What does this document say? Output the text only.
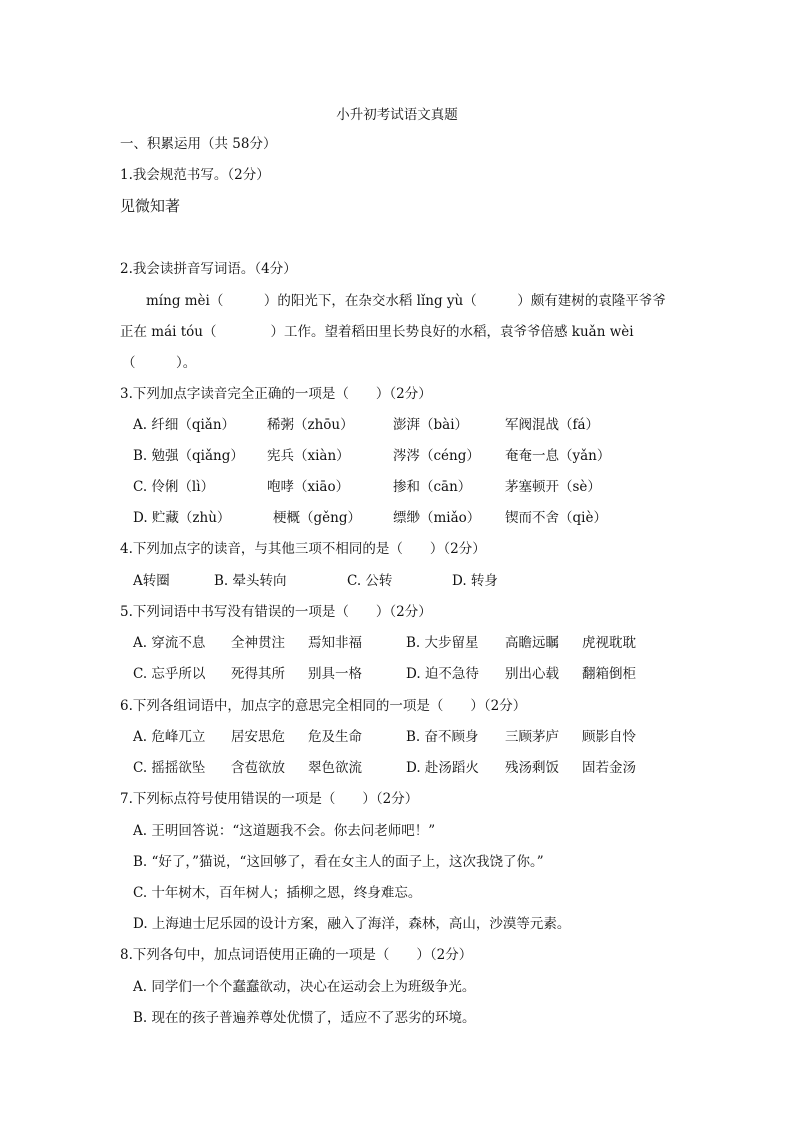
小升初考试语文真题
一、积累运用（共 58分）
1.我会规范书写。（2分）
见微知著
2.我会读拼音写词语。（4分）
míng mèi（　　　）的阳光下，在杂交水稻 lǐng yù（　　　）颇有建树的袁隆平爷爷
正在 mái tóu（　　　　）工作。望着稻田里长势良好的水稻，袁爷爷倍感 kuǎn wèi
（　　　）。
3.下列加点字读音完全正确的一项是（　　）（2分）
A. 纤细（qiǎn） 稀粥（zhōu）	澎湃（bài）	军阀混战（fá）
B. 勉强（qiǎng） 宪兵（xiàn）	涔涔（céng） 奄奄一息（yǎn）
C. 伶俐（lì）	咆哮（xiāo）	掺和（cān） 茅塞顿开（sè）
D. 贮藏（zhù）	梗概（gěng） 缥缈（miǎo） 锲而不舍（qiè）
4.下列加点字的读音，与其他三项不相同的是（　　）（2分）
A转圈	B. 晕头转向	C. 公转	D. 转身
5.下列词语中书写没有错误的一项是（　　）（2分）
A. 穿流不息 全神贯注 焉知非福	B. 大步留星 高瞻远瞩 虎视耽耽
C. 忘乎所以 死得其所 别具一格	D. 迫不急待 别出心载 翻箱倒柜
6.下列各组词语中，加点字的意思完全相同的一项是（　　）（2分）
A. 危峰兀立 居安思危 危及生命	B. 奋不顾身 三顾茅庐 顾影自怜
C. 摇摇欲坠 含苞欲放 翠色欲流	D. 赴汤蹈火 残汤剩饭 固若金汤
7.下列标点符号使用错误的一项是（　　）（2分）
A. 王明回答说：“这道题我不会。你去问老师吧！”
B. “好了，”猫说，“这回够了，看在女主人的面子上，这次我饶了你。”
C. 十年树木，百年树人；插柳之恩，终身难忘。
D. 上海迪士尼乐园的设计方案，融入了海洋，森林，高山，沙漠等元素。
8.下列各句中，加点词语使用正确的一项是（　　）（2分）
A. 同学们一个个蠢蠢欲动，决心在运动会上为班级争光。
B. 现在的孩子普遍养尊处优惯了，适应不了恶劣的环境。
